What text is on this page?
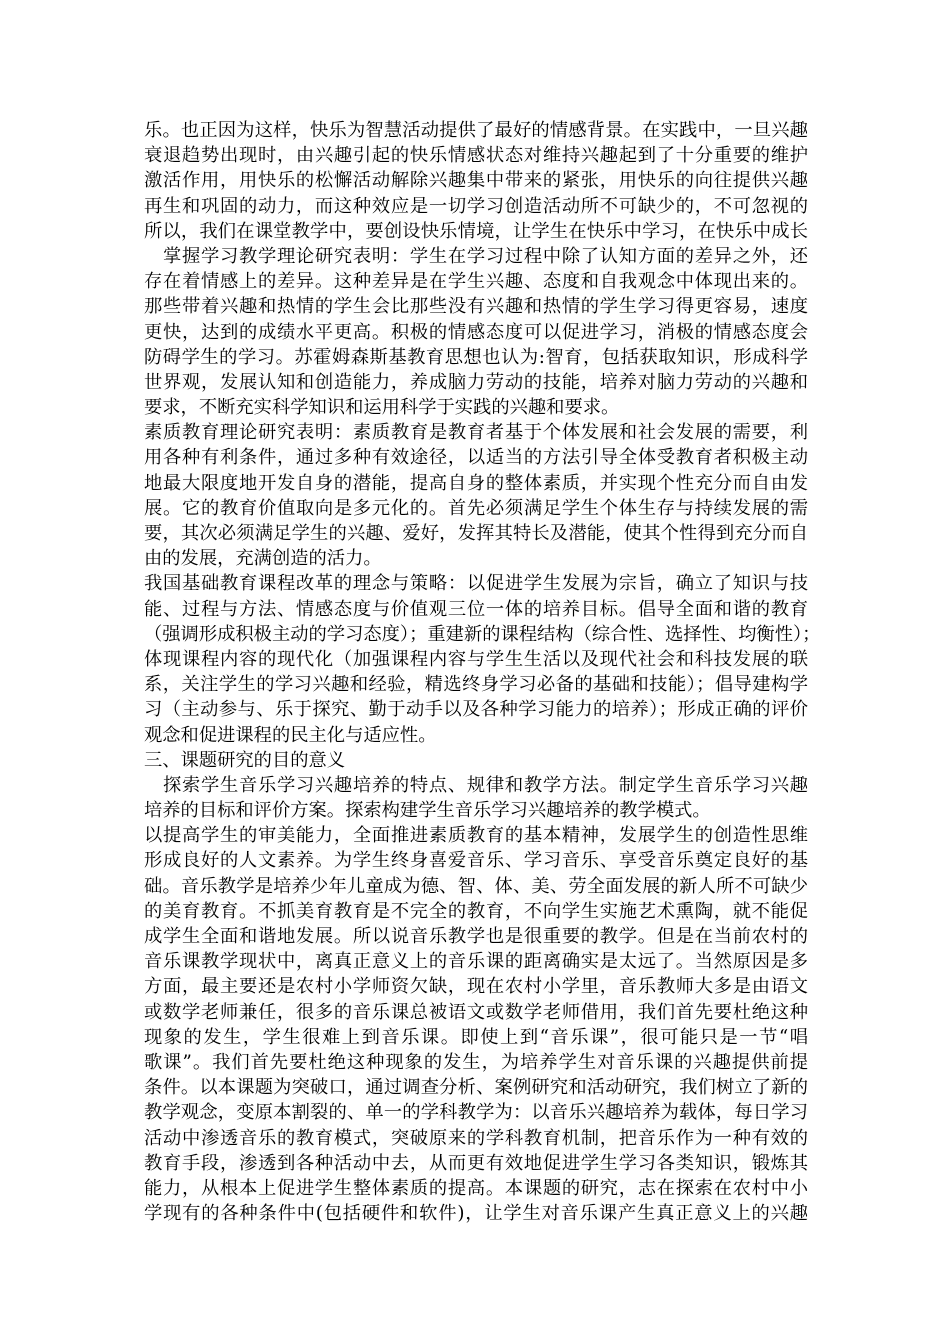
乐。也正因为这样，快乐为智慧活动提供了最好的情感背景。在实践中，一旦兴趣
衰退趋势出现时，由兴趣引起的快乐情感状态对维持兴趣起到了十分重要的维护
激活作用，用快乐的松懈活动解除兴趣集中带来的紧张，用快乐的向往提供兴趣
再生和巩固的动力，而这种效应是一切学习创造活动所不可缺少的，不可忽视的
所以，我们在课堂教学中，要创设快乐情境，让学生在快乐中学习，在快乐中成长
　掌握学习教学理论研究表明：学生在学习过程中除了认知方面的差异之外，还
存在着情感上的差异。这种差异是在学生兴趣、态度和自我观念中体现出来的。
那些带着兴趣和热情的学生会比那些没有兴趣和热情的学生学习得更容易，速度
更快，达到的成绩水平更高。积极的情感态度可以促进学习，消极的情感态度会
防碍学生的学习。苏霍姆森斯基教育思想也认为:智育，包括获取知识，形成科学
世界观，发展认知和创造能力，养成脑力劳动的技能，培养对脑力劳动的兴趣和
要求，不断充实科学知识和运用科学于实践的兴趣和要求。
素质教育理论研究表明：素质教育是教育者基于个体发展和社会发展的需要，利
用各种有利条件，通过多种有效途径，以适当的方法引导全体受教育者积极主动
地最大限度地开发自身的潜能，提高自身的整体素质，并实现个性充分而自由发
展。它的教育价值取向是多元化的。首先必须满足学生个体生存与持续发展的需
要，其次必须满足学生的兴趣、爱好，发挥其特长及潜能，使其个性得到充分而自
由的发展，充满创造的活力。
我国基础教育课程改革的理念与策略：以促进学生发展为宗旨，确立了知识与技
能、过程与方法、情感态度与价值观三位一体的培养目标。倡导全面和谐的教育
（强调形成积极主动的学习态度）；重建新的课程结构（综合性、选择性、均衡性）；
体现课程内容的现代化（加强课程内容与学生生活以及现代社会和科技发展的联
系，关注学生的学习兴趣和经验，精选终身学习必备的基础和技能）；倡导建构学
习（主动参与、乐于探究、勤于动手以及各种学习能力的培养）；形成正确的评价
观念和促进课程的民主化与适应性。
三、课题研究的目的意义
　探索学生音乐学习兴趣培养的特点、规律和教学方法。制定学生音乐学习兴趣
培养的目标和评价方案。探索构建学生音乐学习兴趣培养的教学模式。
以提高学生的审美能力，全面推进素质教育的基本精神，发展学生的创造性思维
形成良好的人文素养。为学生终身喜爱音乐、学习音乐、享受音乐奠定良好的基
础。音乐教学是培养少年儿童成为德、智、体、美、劳全面发展的新人所不可缺少
的美育教育。不抓美育教育是不完全的教育，不向学生实施艺术熏陶，就不能促
成学生全面和谐地发展。所以说音乐教学也是很重要的教学。但是在当前农村的
音乐课教学现状中，离真正意义上的音乐课的距离确实是太远了。当然原因是多
方面，最主要还是农村小学师资欠缺，现在农村小学里，音乐教师大多是由语文
或数学老师兼任，很多的音乐课总被语文或数学老师借用，我们首先要杜绝这种
现象的发生，学生很难上到音乐课。即使上到“音乐课”，很可能只是一节“唱
歌课”。我们首先要杜绝这种现象的发生，为培养学生对音乐课的兴趣提供前提
条件。以本课题为突破口，通过调查分析、案例研究和活动研究，我们树立了新的
教学观念，变原本割裂的、单一的学科教学为：以音乐兴趣培养为载体，每日学习
活动中渗透音乐的教育模式，突破原来的学科教育机制，把音乐作为一种有效的
教育手段，渗透到各种活动中去，从而更有效地促进学生学习各类知识，锻炼其
能力，从根本上促进学生整体素质的提高。本课题的研究，志在探索在农村中小
学现有的各种条件中(包括硬件和软件)，让学生对音乐课产生真正意义上的兴趣
